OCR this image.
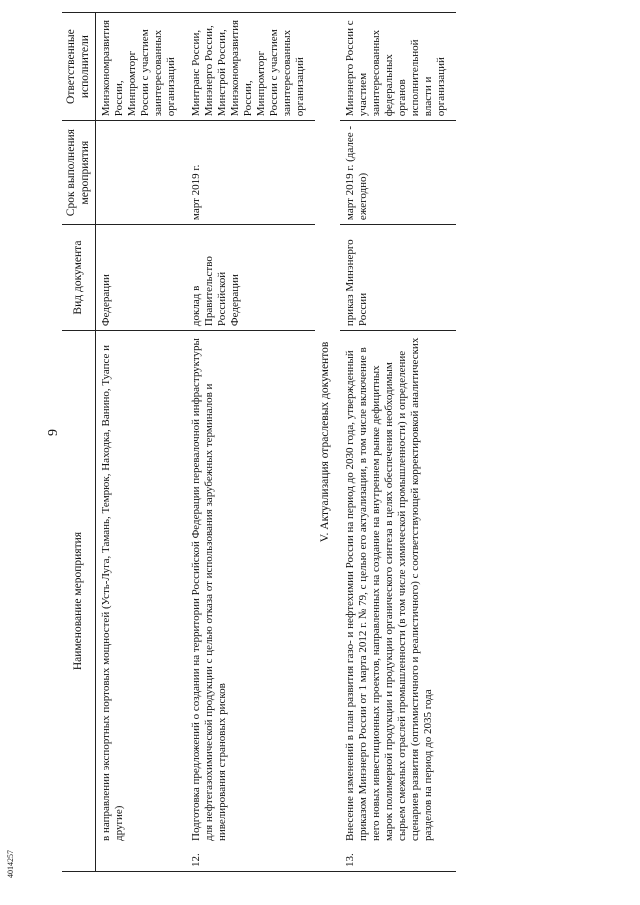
9
4014257
Наименование мероприятия	Вид документа	Срок выполнения мероприятия	Ответственные исполнители

в направлении экспортных портовых мощностей (Усть-Луга, Тамань, Темрюк, Находка, Ванино, Туапсе и другие)	Федерации		Минэкономразвития России, Минпромторг России с участием заинтересованных организаций

12.
Подготовка предложений о создании на территории Российской Федерации перевалочной инфраструктуры для нефтегазохимической продукции с целью отказа от использования зарубежных терминалов и нивелирования страновых рисков	доклад в Правительство Российской Федерации	март 2019 г.	Минтранс России, Минэнерго России, Минстрой России, Минэкономразвития России, Минпромторг России с участием заинтересованных организаций
V. Актуализация отраслевых документов			

13.
Внесение изменений в план развития газо- и нефтехимии России на период до 2030 года, утвержденный приказом Минэнерго России от 1 марта 2012 г. № 79, с целью его актуализации, в том числе включение в него новых инвестиционных проектов, направленных на создание на внутреннем рынке дефицитных марок полимерной продукции и продукции органического синтеза в целях обеспечения необходимым сырьем смежных отраслей промышленности (в том числе химической промышленности) и определение сценариев развития (оптимистичного и реалистичного) с соответствующей корректировкой аналитических разделов на период до 2035 года	приказ Минэнерго России	март 2019 г. (далее - ежегодно)	Минэнерго России с участием заинтересованных федеральных органов исполнительной власти и организаций
